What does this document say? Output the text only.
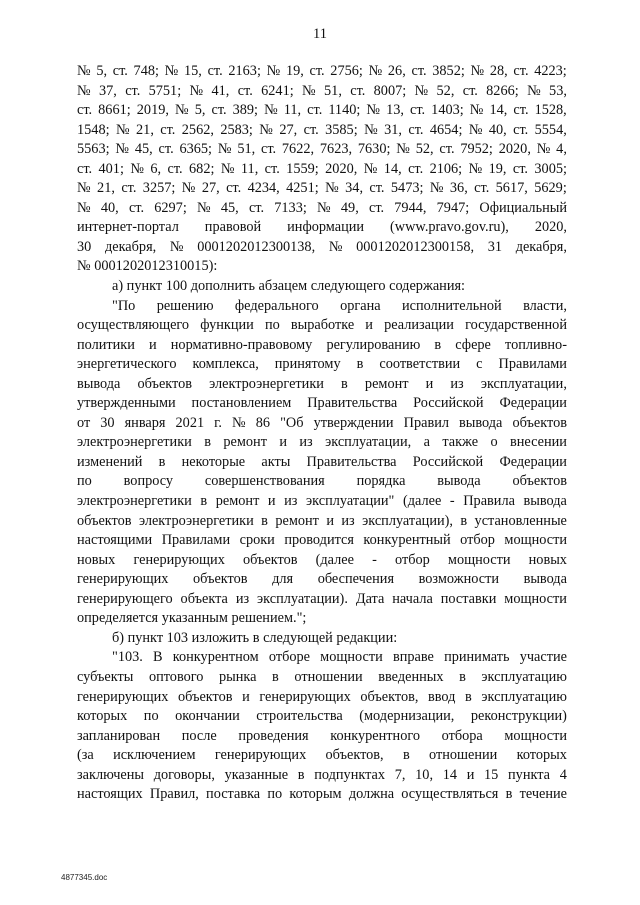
11
№ 5, ст. 748; № 15, ст. 2163; № 19, ст. 2756; № 26, ст. 3852; № 28, ст. 4223;
№ 37, ст. 5751; № 41, ст. 6241; № 51, ст. 8007; № 52, ст. 8266; № 53,
ст. 8661; 2019, № 5, ст. 389; № 11, ст. 1140; № 13, ст. 1403; № 14, ст. 1528,
1548; № 21, ст. 2562, 2583; № 27, ст. 3585; № 31, ст. 4654; № 40, ст. 5554,
5563; № 45, ст. 6365; № 51, ст. 7622, 7623, 7630; № 52, ст. 7952; 2020, № 4,
ст. 401; № 6, ст. 682; № 11, ст. 1559; 2020, № 14, ст. 2106; № 19, ст. 3005;
№ 21, ст. 3257; № 27, ст. 4234, 4251; № 34, ст. 5473; № 36, ст. 5617, 5629;
№ 40, ст. 6297; № 45, ст. 7133; № 49, ст. 7944, 7947; Официальный
интернет-портал правовой информации (www.pravo.gov.ru), 2020,
30 декабря, № 0001202012300138, № 0001202012300158, 31 декабря,
№ 0001202012310015):
а) пункт 100 дополнить абзацем следующего содержания:
"По решению федерального органа исполнительной власти,
осуществляющего функции по выработке и реализации государственной
политики и нормативно-правовому регулированию в сфере топливно-
энергетического комплекса, принятому в соответствии с Правилами
вывода объектов электроэнергетики в ремонт и из эксплуатации,
утвержденными постановлением Правительства Российской Федерации
от 30 января 2021 г. № 86 "Об утверждении Правил вывода объектов
электроэнергетики в ремонт и из эксплуатации, а также о внесении
изменений в некоторые акты Правительства Российской Федерации
по вопросу совершенствования порядка вывода объектов
электроэнергетики в ремонт и из эксплуатации" (далее - Правила вывода
объектов электроэнергетики в ремонт и из эксплуатации), в установленные
настоящими Правилами сроки проводится конкурентный отбор мощности
новых генерирующих объектов (далее - отбор мощности новых
генерирующих объектов для обеспечения возможности вывода
генерирующего объекта из эксплуатации). Дата начала поставки мощности
определяется указанным решением.";
б) пункт 103 изложить в следующей редакции:
"103. В конкурентном отборе мощности вправе принимать участие
субъекты оптового рынка в отношении введенных в эксплуатацию
генерирующих объектов и генерирующих объектов, ввод в эксплуатацию
которых по окончании строительства (модернизации, реконструкции)
запланирован после проведения конкурентного отбора мощности
(за исключением генерирующих объектов, в отношении которых
заключены договоры, указанные в подпунктах 7, 10, 14 и 15 пункта 4
настоящих Правил, поставка по которым должна осуществляться в течение
4877345.doc
